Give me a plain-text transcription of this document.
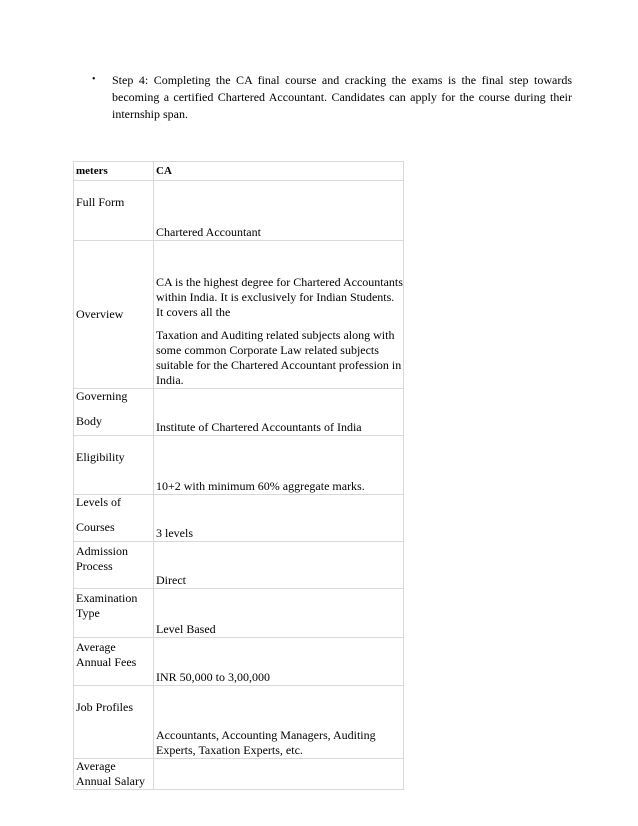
•	Step 4: Completing the CA final course and cracking the exams is the final step towards becoming a certified Chartered Accountant. Candidates can apply for the course during their internship span.
meters	CA
Full Form	Chartered Accountant
Overview	CA is the highest degree for Chartered Accountants within India. It is exclusively for Indian Students. It covers all the

Taxation and Auditing related subjects along with some common Corporate Law related subjects suitable for the Chartered Accountant profession in India.

Governing
Body	Institute of Chartered Accountants of India
Eligibility	10+2 with minimum 60% aggregate marks.

Levels of
Courses	3 levels
Admission Process	Direct
Examination Type	Level Based
Average Annual Fees	INR 50,000 to 3,00,000
Job Profiles	Accountants, Accounting Managers, Auditing Experts, Taxation Experts, etc.
Average Annual Salary	
